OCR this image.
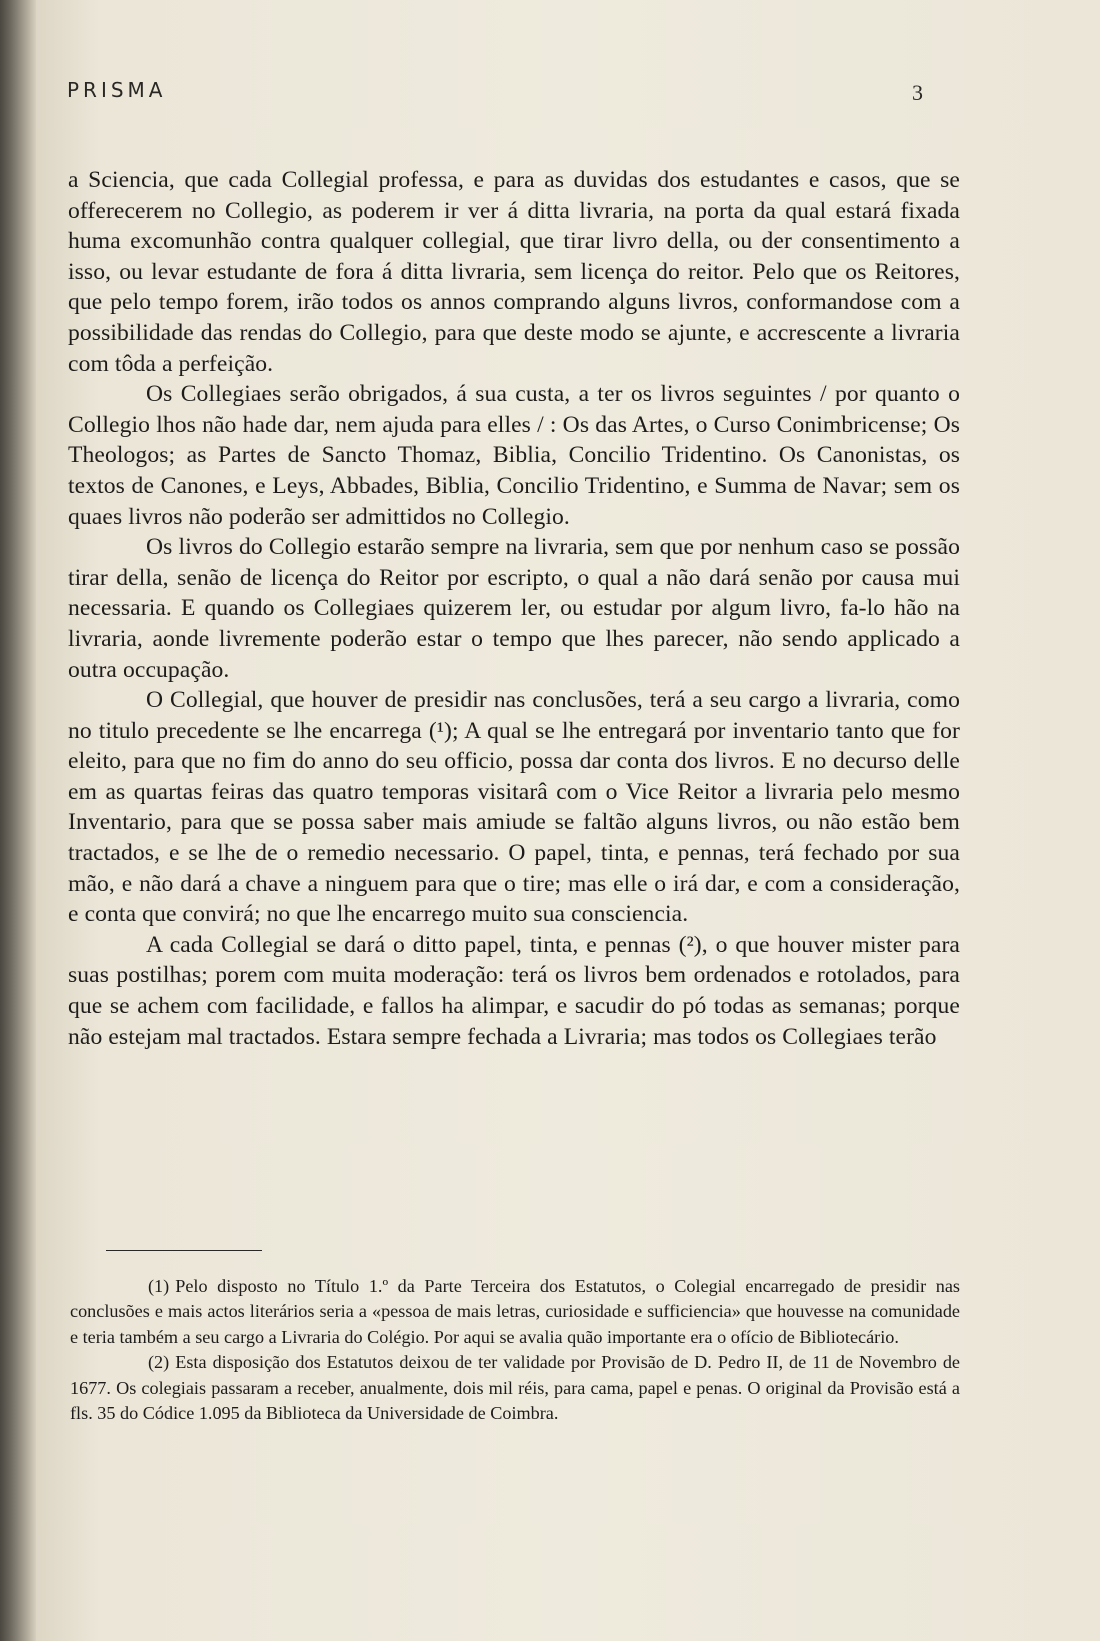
PRISMA	3

a Sciencia, que cada Collegial professa, e para as duvidas dos estudantes e casos, que se offerecerem no Collegio, as poderem ir ver á ditta livraria, na porta da qual estará fixada huma excomunhão contra qualquer collegial, que tirar livro della, ou der consentimento a isso, ou levar estudante de fora á ditta livraria, sem licença do reitor. Pelo que os Reitores, que pelo tempo forem, irão todos os annos comprando alguns livros, conformandose com a possibilidade das rendas do Collegio, para que deste modo se ajunte, e accrescente a livraria com tôda a perfeição.

Os Collegiaes serão obrigados, á sua custa, a ter os livros seguintes / por quanto o Collegio lhos não hade dar, nem ajuda para elles / : Os das Artes, o Curso Conimbricense; Os Theologos; as Partes de Sancto Thomaz, Biblia, Concilio Tridentino. Os Canonistas, os textos de Canones, e Leys, Abbades, Biblia, Concilio Tridentino, e Summa de Navar; sem os quaes livros não poderão ser admittidos no Collegio.

Os livros do Collegio estarão sempre na livraria, sem que por nenhum caso se possão tirar della, senão de licença do Reitor por escripto, o qual a não dará senão por causa mui necessaria. E quando os Collegiaes quizerem ler, ou estudar por algum livro, fa-lo hão na livraria, aonde livremente poderão estar o tempo que lhes parecer, não sendo applicado a outra occupação.

O Collegial, que houver de presidir nas conclusões, terá a seu cargo a livraria, como no titulo precedente se lhe encarrega (¹); A qual se lhe entregará por inventario tanto que for eleito, para que no fim do anno do seu officio, possa dar conta dos livros. E no decurso delle em as quartas feiras das quatro temporas visitarâ com o Vice Reitor a livraria pelo mesmo Inventario, para que se possa saber mais amiude se faltão alguns livros, ou não estão bem tractados, e se lhe de o remedio necessario. O papel, tinta, e pennas, terá fechado por sua mão, e não dará a chave a ninguem para que o tire; mas elle o irá dar, e com a consideração, e conta que convirá; no que lhe encarrego muito sua consciencia.

A cada Collegial se dará o ditto papel, tinta, e pennas (²), o que houver mister para suas postilhas; porem com muita moderação: terá os livros bem ordenados e rotolados, para que se achem com facilidade, e fallos ha alimpar, e sacudir do pó todas as semanas; porque não estejam mal tractados. Estara sempre fechada a Livraria; mas todos os Collegiaes terão

(1) Pelo disposto no Título 1.º da Parte Terceira dos Estatutos, o Colegial encarregado de presidir nas conclusões e mais actos literários seria a «pessoa de mais letras, curiosidade e sufficiencia» que houvesse na comunidade e teria também a seu cargo a Livraria do Colégio. Por aqui se avalia quão importante era o ofício de Bibliotecário.

(2) Esta disposição dos Estatutos deixou de ter validade por Provisão de D. Pedro II, de 11 de Novembro de 1677. Os colegiais passaram a receber, anualmente, dois mil réis, para cama, papel e penas. O original da Provisão está a fls. 35 do Códice 1.095 da Biblioteca da Universidade de Coimbra.
